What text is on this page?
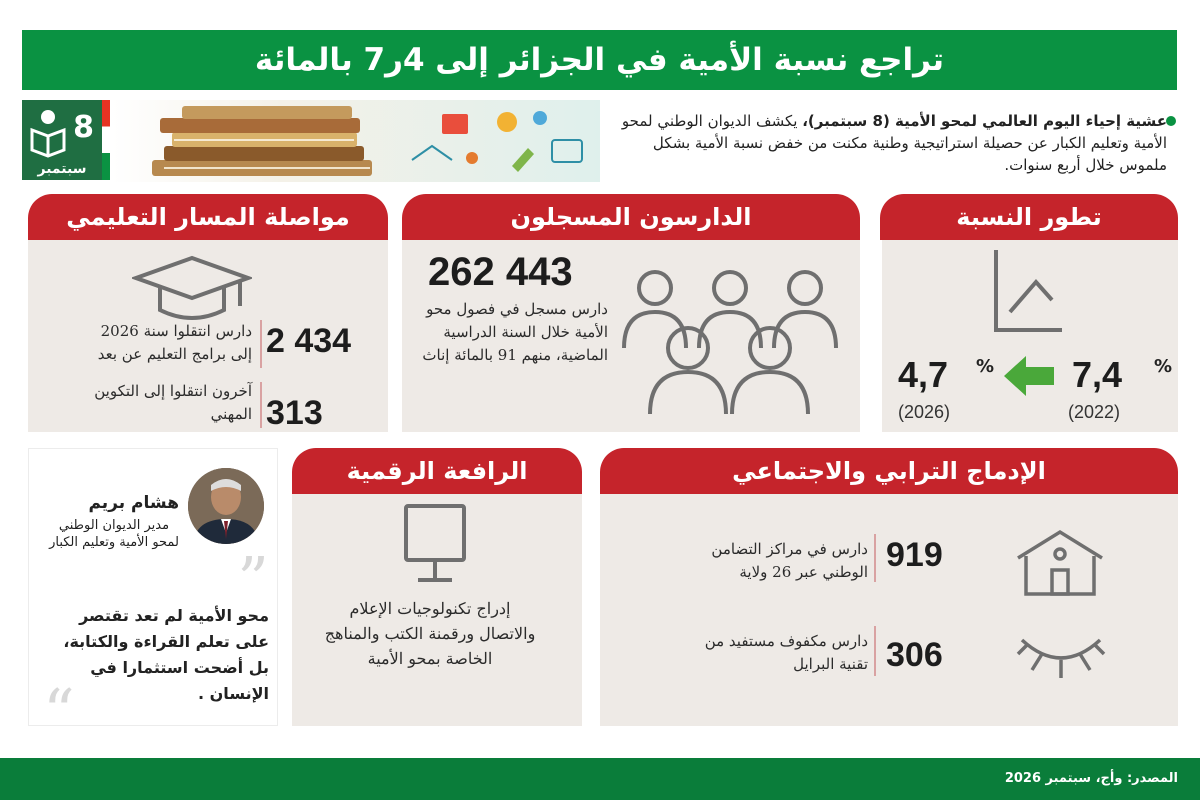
تراجع نسبة الأمية في الجزائر إلى 4ر7 بالمائة
8
سبتمبر

عشية إحياء اليوم العالمي لمحو الأمية (8 سبتمبر)، يكشف الديوان الوطني لمحو الأمية وتعليم الكبار عن حصيلة استراتيجية وطنية مكنت من خفض نسبة الأمية بشكل ملموس خلال أربع سنوات.

7,4 %
(2022)
4,7 %
(2026)
تطور النسبة
262 443

دارس مسجل في فصول محو الأمية خلال السنة الدراسية الماضية، منهم 91 بالمائة إناث

الدارسون المسجلون
2 434

دارس انتقلوا سنة 2026 إلى برامج التعليم عن بعد

313

آخرون انتقلوا إلى التكوين المهني

مواصلة المسار التعليمي
هشام بريم

مدير الديوان الوطني لمحو الأمية وتعليم الكبار

”

محو الأمية لم تعد تقتصر على تعلم القراءة والكتابة، بل أضحت استثمارا في الإنسان .

“

إدراج تكنولوجيات الإعلام والاتصال ورقمنة الكتب والمناهج الخاصة بمحو الأمية

الرافعة الرقمية
919

دارس في مراكز التضامن الوطني عبر 26 ولاية

306

دارس مكفوف مستفيد من تقنية البرايل

الإدماج الترابي والاجتماعي
المصدر: وأج، سبتمبر 2026
